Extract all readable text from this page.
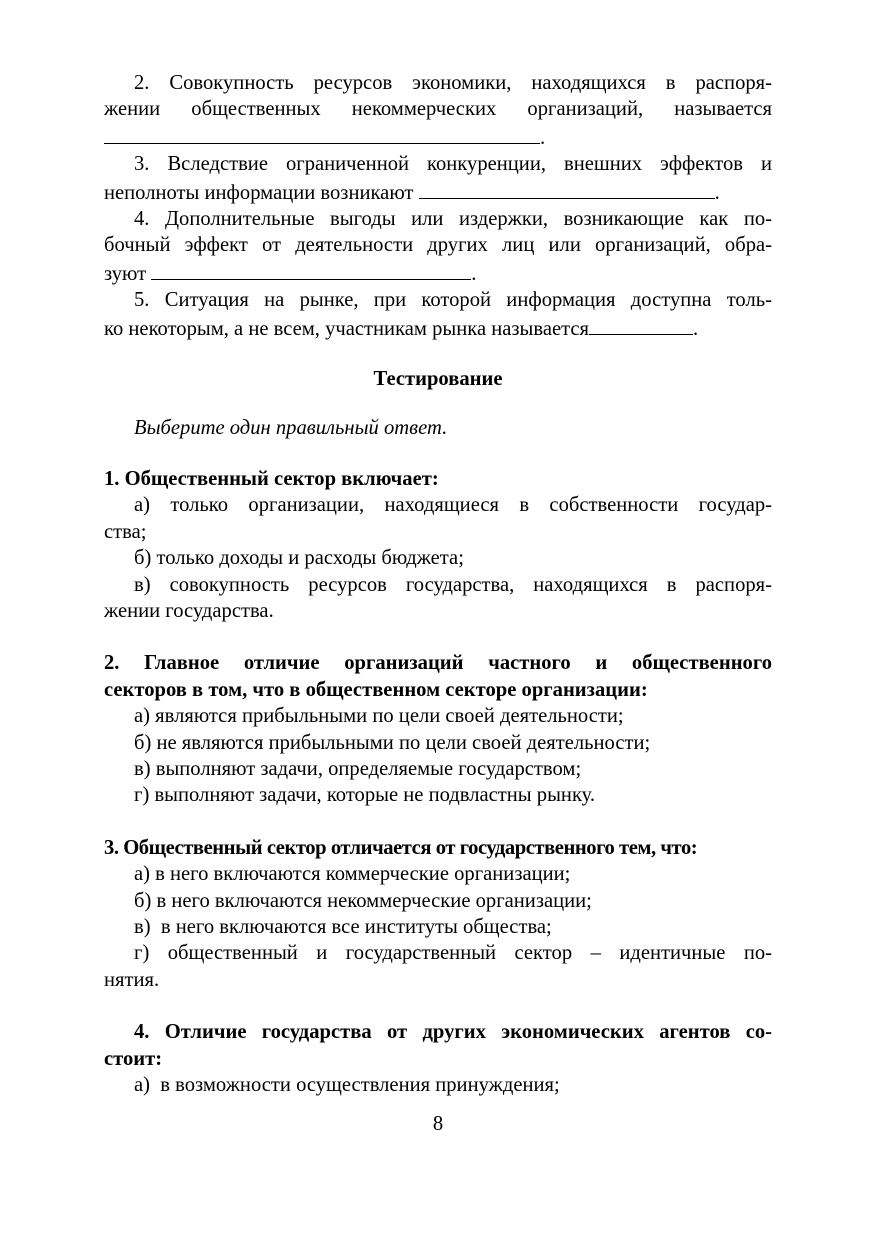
2. Совокупность ресурсов экономики, находящихся в распоря-

жении общественных некоммерческих организаций, называется

.

3. Вследствие ограниченной конкуренции, внешних эффектов и

неполноты информации возникают	.

4. Дополнительные выгоды или издержки, возникающие как по-

бочный эффект от деятельности других лиц или организаций, обра-

зуют	.

5. Ситуация на рынке, при которой информация доступна толь-

ко некоторым, а не всем, участникам рынка называется	.

Тестирование

Выберите один правильный ответ.

1. Общественный сектор включает:

а) только организации, находящиеся в собственности государ-

ства;

б) только доходы и расходы бюджета;

в) совокупность ресурсов государства, находящихся в распоря-

жении государства.

2. Главное отличие организаций частного и общественного

секторов в том, что в общественном секторе организации:

а) являются прибыльными по цели своей деятельности;

б) не являются прибыльными по цели своей деятельности;

в) выполняют задачи, определяемые государством;

г) выполняют задачи, которые не подвластны рынку.

3. Общественный сектор отличается от государственного тем, что:

а) в него включаются коммерческие организации;

б) в него включаются некоммерческие организации;

в)  в него включаются все институты общества;

г) общественный и государственный сектор – идентичные по-

нятия.

4. Отличие государства от других экономических агентов со-

стоит:

а)  в возможности осуществления принуждения;

8
